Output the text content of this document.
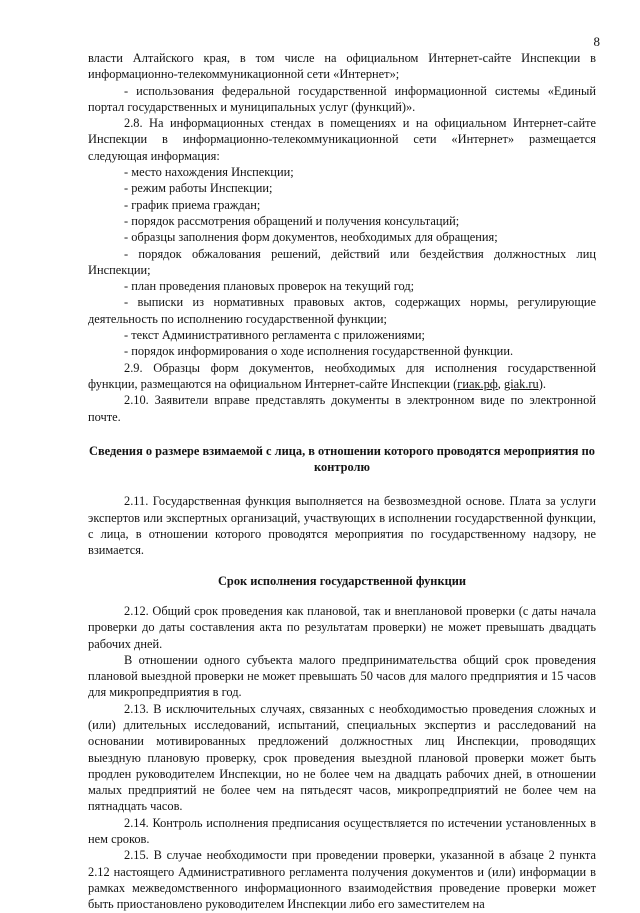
8

власти Алтайского края, в том числе на официальном Интернет-сайте Инспекции в информационно-телекоммуникационной сети «Интернет»;

- использования федеральной государственной информационной системы «Единый портал государственных и муниципальных услуг (функций)».

2.8. На информационных стендах в помещениях и на официальном Интернет-сайте Инспекции в информационно-телекоммуникационной сети «Интернет» размещается следующая информация:

- место нахождения Инспекции;

- режим работы Инспекции;

- график приема граждан;

- порядок рассмотрения обращений и получения консультаций;

- образцы заполнения форм документов, необходимых для обращения;

- порядок обжалования решений, действий или бездействия должностных лиц Инспекции;

- план проведения плановых проверок на текущий год;

- выписки из нормативных правовых актов, содержащих нормы, регулирующие деятельность по исполнению государственной функции;

- текст Административного регламента с приложениями;

- порядок информирования о ходе исполнения государственной функции.

2.9. Образцы форм документов, необходимых для исполнения государственной функции, размещаются на официальном Интернет-сайте Инспекции (гиак.рф, giak.ru).

2.10. Заявители вправе представлять документы в электронном виде по электронной почте.

Сведения о размере взимаемой с лица, в отношении которого проводятся мероприятия по контролю

2.11. Государственная функция выполняется на безвозмездной основе. Плата за услуги экспертов или экспертных организаций, участвующих в исполнении государственной функции, с лица, в отношении которого проводятся мероприятия по государственному надзору, не взимается.

Срок исполнения государственной функции

2.12. Общий срок проведения как плановой, так и внеплановой проверки (с даты начала проверки до даты составления акта по результатам проверки) не может превышать двадцать рабочих дней.

В отношении одного субъекта малого предпринимательства общий срок проведения плановой выездной проверки не может превышать 50 часов для малого предприятия и 15 часов для микропредприятия в год.

2.13. В исключительных случаях, связанных с необходимостью проведения сложных и (или) длительных исследований, испытаний, специальных экспертиз и расследований на основании мотивированных предложений должностных лиц Инспекции, проводящих выездную плановую проверку, срок проведения выездной плановой проверки может быть продлен руководителем Инспекции, но не более чем на двадцать рабочих дней, в отношении малых предприятий не более чем на пятьдесят часов, микропредприятий не более чем на пятнадцать часов.

2.14. Контроль исполнения предписания осуществляется по истечении установленных в нем сроков.

2.15. В случае необходимости при проведении проверки, указанной в абзаце 2 пункта 2.12 настоящего Административного регламента получения документов и (или) информации в рамках межведомственного информационного взаимодействия проведение проверки может быть приостановлено руководителем Инспекции либо его заместителем на
